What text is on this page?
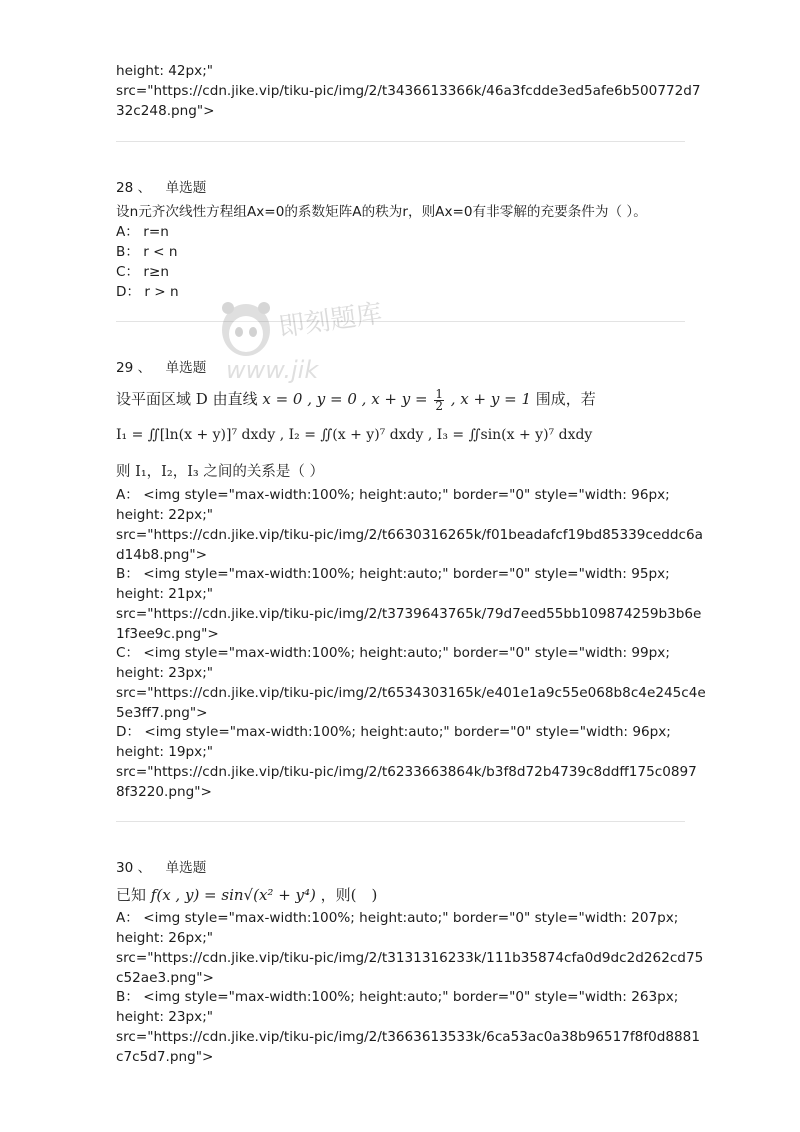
height: 42px;"
src="https://cdn.jike.vip/tiku-pic/img/2/t3436613366k/46a3fcdde3ed5afe6b500772d7
32c248.png">
28 、 单选题
设n元齐次线性方程组Ax=0的系数矩阵A的秩为r，则Ax=0有非零解的充要条件为（ ）。
A： r=n
B： r < n
C： r≥n
D： r > n
即刻题库
www.jik
29 、 单选题
设平面区域 D 由直线 x = 0 , y = 0 , $x + y = \frac{1}{2}$ , x + y = 1 围成，若
I₁ = ∬[ln(x + y)]⁷ dxdy , I₂ = ∬(x + y)⁷ dxdy , I₃ = ∬sin(x + y)⁷ dxdy
则 I₁，I₂，I₃ 之间的关系是（ ）
A： <img style="max-width:100%; height:auto;" border="0" style="width: 96px;
height: 22px;"
src="https://cdn.jike.vip/tiku-pic/img/2/t6630316265k/f01beadafcf19bd85339ceddc6a
d14b8.png">
B： <img style="max-width:100%; height:auto;" border="0" style="width: 95px;
height: 21px;"
src="https://cdn.jike.vip/tiku-pic/img/2/t3739643765k/79d7eed55bb109874259b3b6e
1f3ee9c.png">
C： <img style="max-width:100%; height:auto;" border="0" style="width: 99px;
height: 23px;"
src="https://cdn.jike.vip/tiku-pic/img/2/t6534303165k/e401e1a9c55e068b8c4e245c4e
5e3ff7.png">
D： <img style="max-width:100%; height:auto;" border="0" style="width: 96px;
height: 19px;"
src="https://cdn.jike.vip/tiku-pic/img/2/t6233663864k/b3f8d72b4739c8ddff175c0897
8f3220.png">
30 、 单选题
已知 f(x , y) = sin√(x² + y⁴) ，则(　)
A： <img style="max-width:100%; height:auto;" border="0" style="width: 207px;
height: 26px;"
src="https://cdn.jike.vip/tiku-pic/img/2/t3131316233k/111b35874cfa0d9dc2d262cd75
c52ae3.png">
B： <img style="max-width:100%; height:auto;" border="0" style="width: 263px;
height: 23px;"
src="https://cdn.jike.vip/tiku-pic/img/2/t3663613533k/6ca53ac0a38b96517f8f0d8881
c7c5d7.png">
